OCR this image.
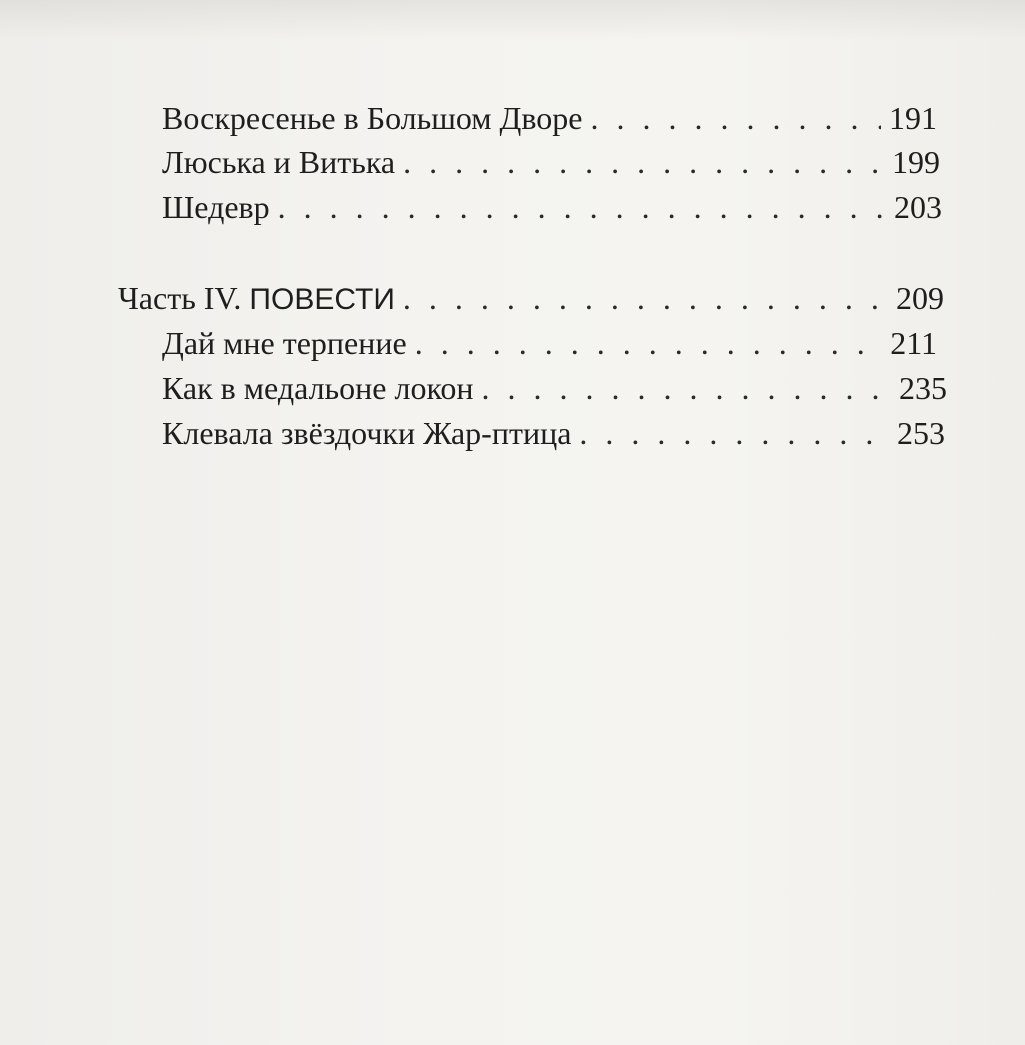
Воскресенье в Большом Дворе . . .	191
Люська и Витька . . .	199
Шедевр . . .	203
Часть IV. ПОВЕСТИ . . .	209
Дай мне терпение . . .	211
Как в медальоне локон . . .	235
Клевала звёздочки Жар-птица . . .	253
